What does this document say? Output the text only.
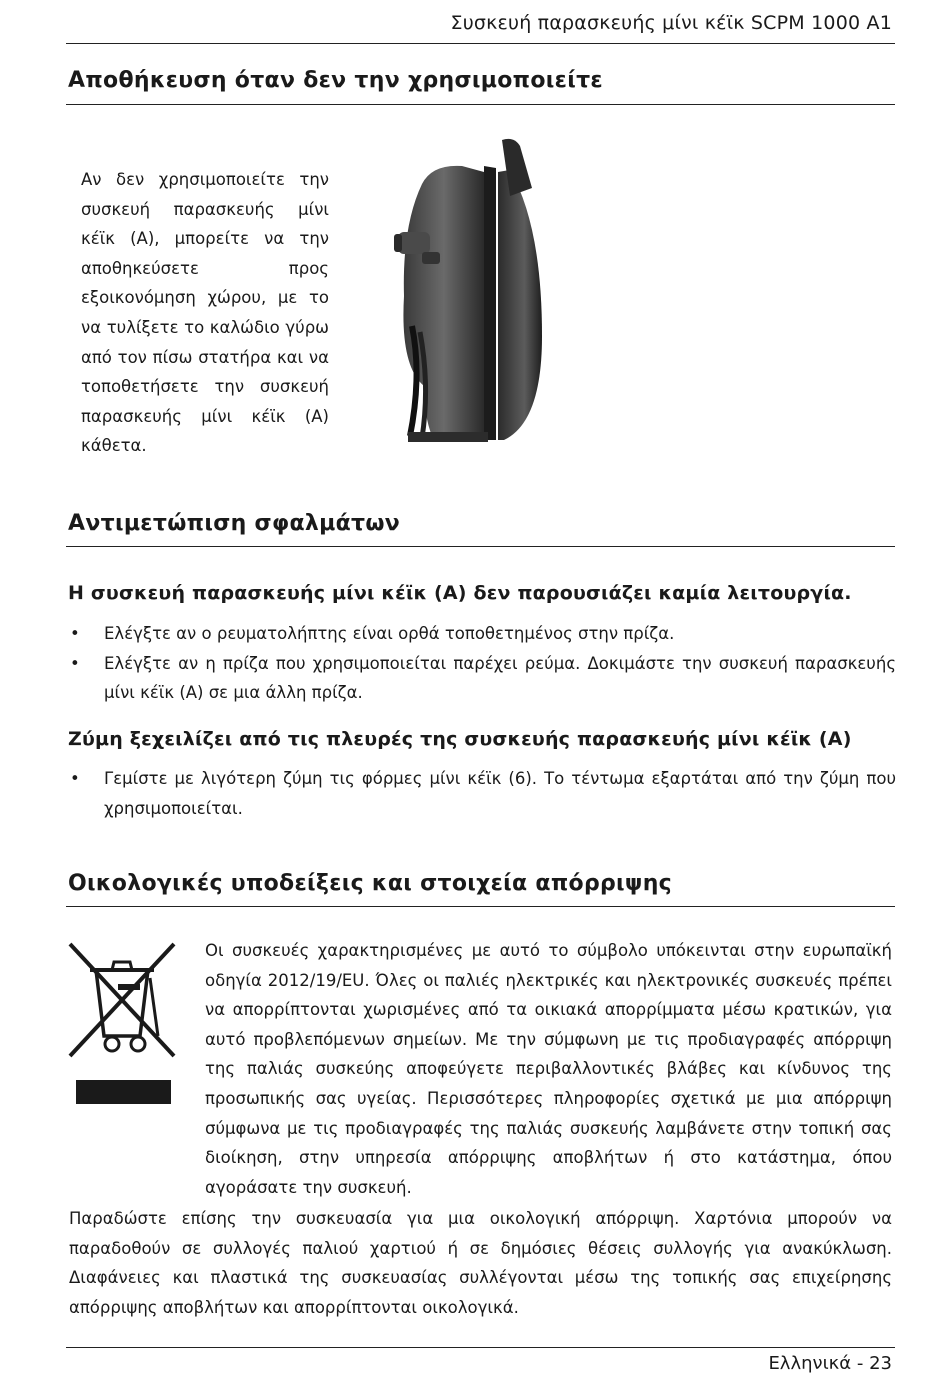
Συσκευή παρασκευής μίνι κέϊκ SCPM 1000 A1
Αποθήκευση όταν δεν την χρησιμοποιείτε
Αν δεν χρησιμοποιείτε την συσκευή παρασκευής μίνι κέϊκ (A), μπορείτε να την αποθηκεύσετε προς εξοικονόμηση χώρου, με το να τυλίξετε το καλώδιο γύρω από τον πίσω στατήρα και να τοποθετήσετε την συσκευή παρασκευής μίνι κέϊκ (A) κάθετα.
Αντιμετώπιση σφαλμάτων
Η συσκευή παρασκευής μίνι κέϊκ (A) δεν παρουσιάζει καμία λειτουργία.
• Ελέγξτε αν ο ρευματολήπτης είναι ορθά τοποθετημένος στην πρίζα.
• Ελέγξτε αν η πρίζα που χρησιμοποιείται παρέχει ρεύμα. Δοκιμάστε την συσκευή παρασκευής μίνι κέϊκ (A) σε μια άλλη πρίζα.
Ζύμη ξεχειλίζει από τις πλευρές της συσκευής παρασκευής μίνι κέϊκ (A)
• Γεμίστε με λιγότερη ζύμη τις φόρμες μίνι κέϊκ (6). Το τέντωμα εξαρτάται από την ζύμη που χρησιμοποιείται.
Οικολογικές υποδείξεις και στοιχεία απόρριψης
Οι συσκευές χαρακτηρισμένες με αυτό το σύμβολο υπόκεινται στην ευρωπαϊκή οδηγία 2012/19/EU. Όλες οι παλιές ηλεκτρικές και ηλεκτρονικές συσκευές πρέπει να απορρίπτονται χωρισμένες από τα οικιακά απορρίμματα μέσω κρατικών, για αυτό προβλεπόμενων σημείων. Με την σύμφωνη με τις προδιαγραφές απόρριψη της παλιάς συσκεύης αποφεύγετε περιβαλλοντικές βλάβες και κίνδυνος της προσωπικής σας υγείας. Περισσότερες πληροφορίες σχετικά με μια απόρριψη σύμφωνα με τις προδιαγραφές της παλιάς συσκευής λαμβάνετε στην τοπική σας διοίκηση, στην υπηρεσία απόρριψης αποβλήτων ή στο κατάστημα, όπου αγοράσατε την συσκευή.
Παραδώστε επίσης την συσκευασία για μια οικολογική απόρριψη. Χαρτόνια μπορούν να παραδοθούν σε συλλογές παλιού χαρτιού ή σε δημόσιες θέσεις συλλογής για ανακύκλωση. Διαφάνειες και πλαστικά της συσκευασίας συλλέγονται μέσω της τοπικής σας επιχείρησης απόρριψης αποβλήτων και απορρίπτονται οικολογικά.
Ελληνικά - 23
